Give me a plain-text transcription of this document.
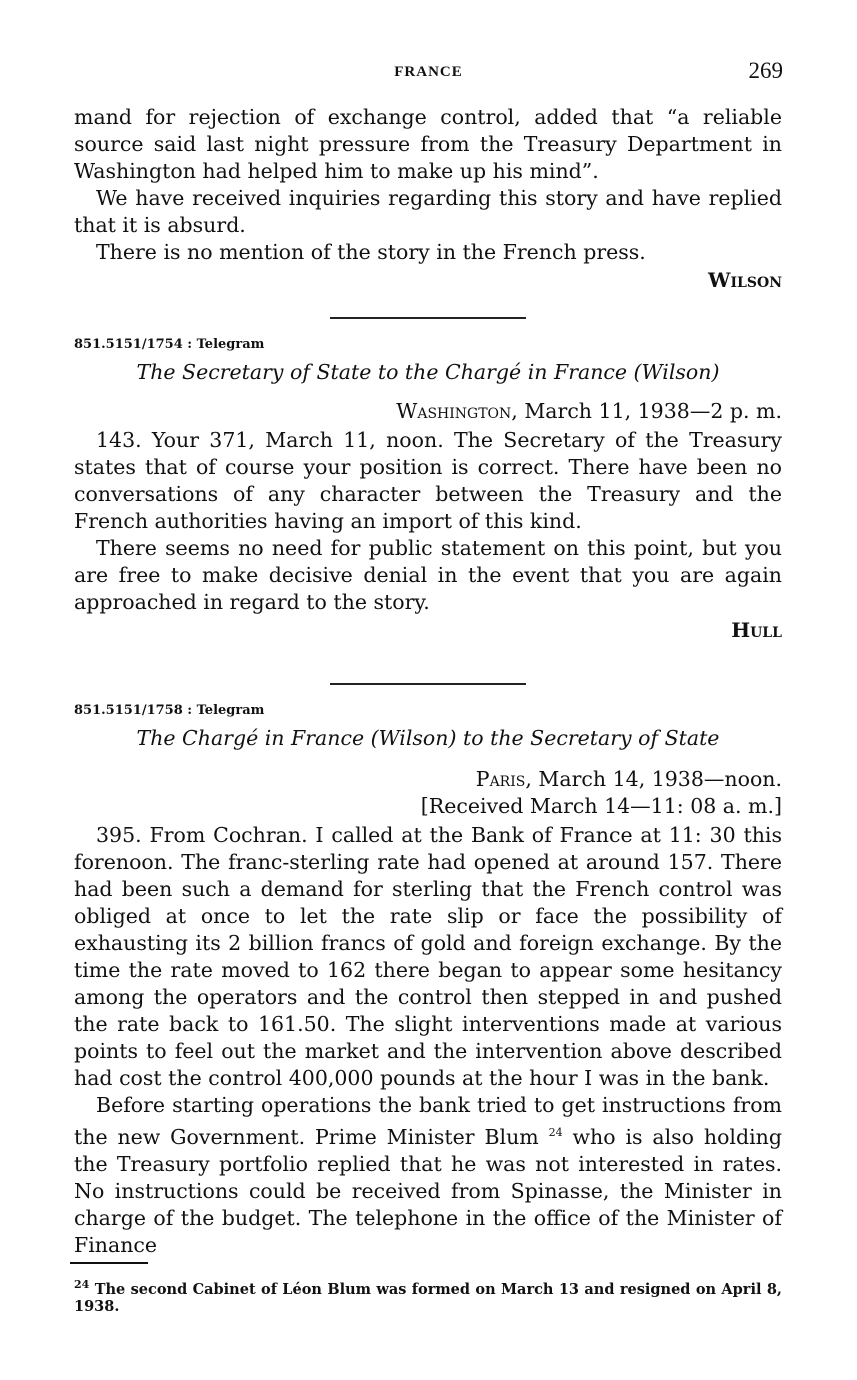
FRANCE	269

mand for rejection of exchange control, added that “a reliable source said last night pressure from the Treasury Department in Washington had helped him to make up his mind”.

We have received inquiries regarding this story and have replied that it is absurd.

There is no mention of the story in the French press.

Wilson

851.5151/1754 : Telegram

The Secretary of State to the Chargé in France (Wilson)

Washington, March 11, 1938—2 p. m.

143. Your 371, March 11, noon. The Secretary of the Treasury states that of course your position is correct. There have been no conversations of any character between the Treasury and the French authorities having an import of this kind.

There seems no need for public statement on this point, but you are free to make decisive denial in the event that you are again approached in regard to the story.

Hull

851.5151/1758 : Telegram

The Chargé in France (Wilson) to the Secretary of State

Paris, March 14, 1938—noon.

[Received March 14—11: 08 a. m.]

395. From Cochran. I called at the Bank of France at 11: 30 this forenoon. The franc-sterling rate had opened at around 157. There had been such a demand for sterling that the French control was obliged at once to let the rate slip or face the possibility of exhausting its 2 billion francs of gold and foreign exchange. By the time the rate moved to 162 there began to appear some hesitancy among the operators and the control then stepped in and pushed the rate back to 161.50. The slight interventions made at various points to feel out the market and the intervention above described had cost the control 400,000 pounds at the hour I was in the bank.

Before starting operations the bank tried to get instructions from the new Government. Prime Minister Blum $^{24}$ who is also holding the Treasury portfolio replied that he was not interested in rates. No instructions could be received from Spinasse, the Minister in charge of the budget. The telephone in the office of the Minister of Finance

$^{24}$ The second Cabinet of Léon Blum was formed on March 13 and resigned on April 8, 1938.
